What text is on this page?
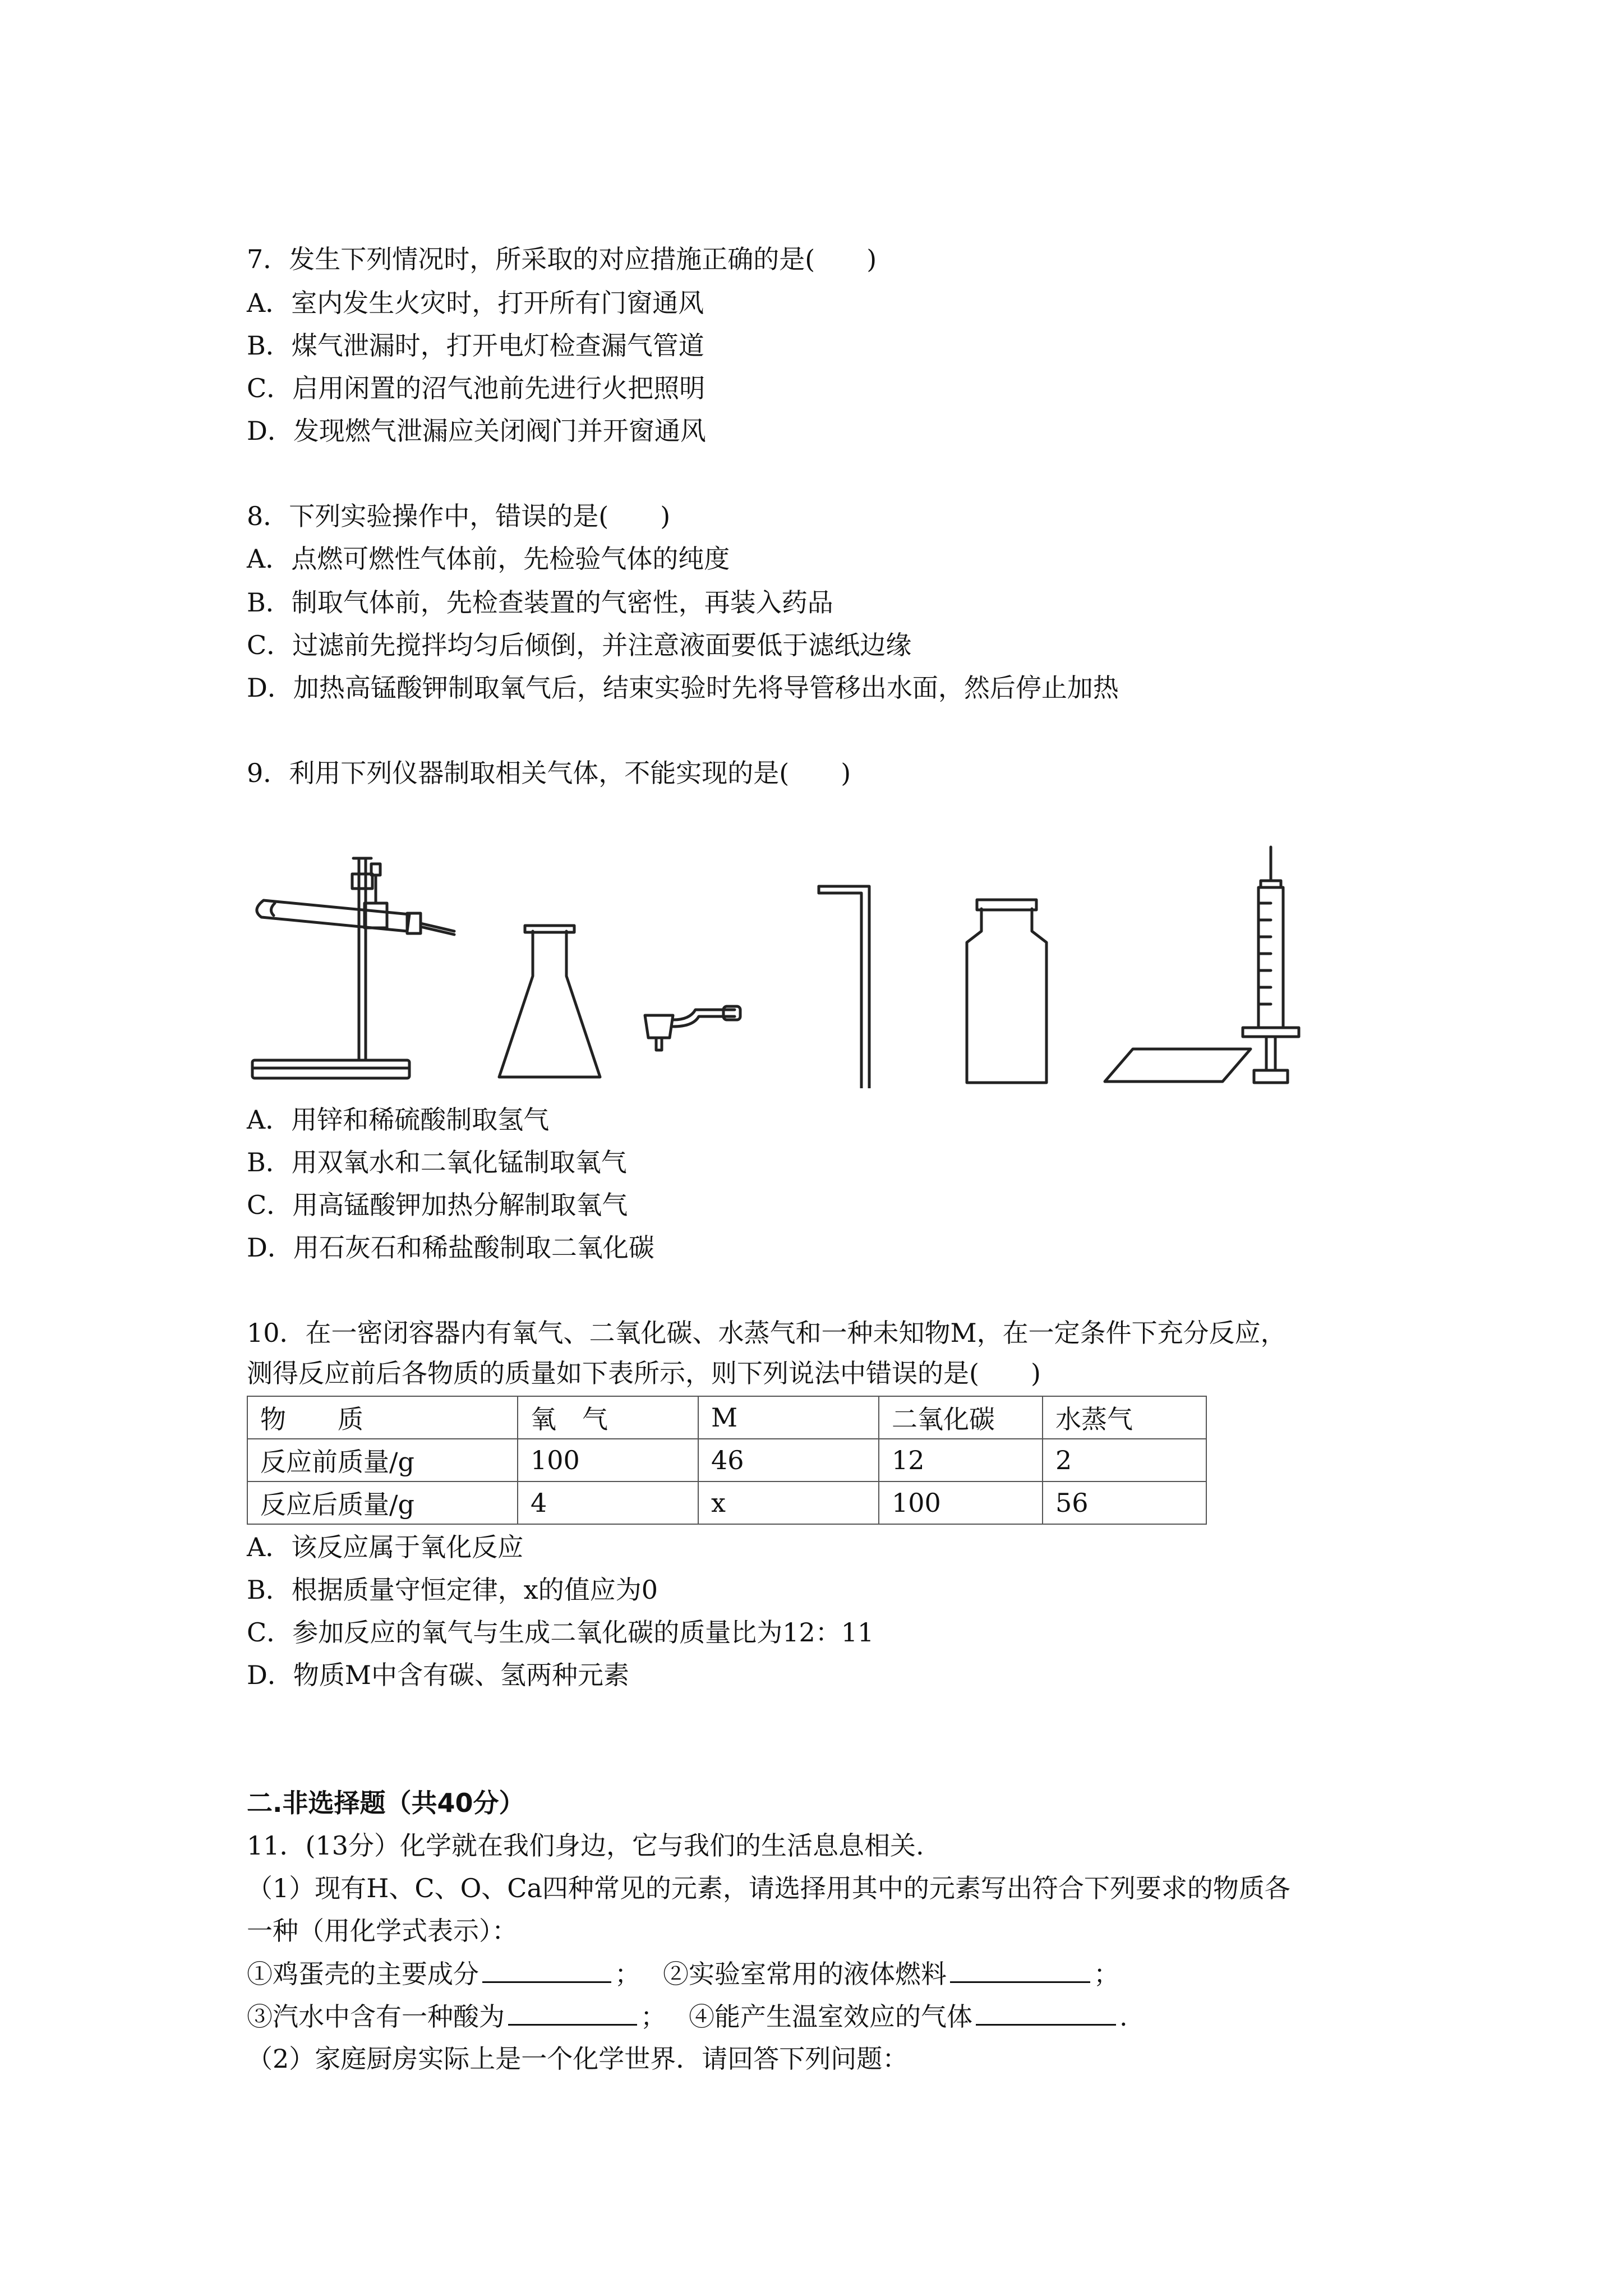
7．发生下列情况时，所采取的对应措施正确的是(　　)
A．室内发生火灾时，打开所有门窗通风
B．煤气泄漏时，打开电灯检查漏气管道
C．启用闲置的沼气池前先进行火把照明
D．发现燃气泄漏应关闭阀门并开窗通风
8．下列实验操作中，错误的是(　　)
A．点燃可燃性气体前，先检验气体的纯度
B．制取气体前，先检查装置的气密性，再装入药品
C．过滤前先搅拌均匀后倾倒，并注意液面要低于滤纸边缘
D．加热高锰酸钾制取氧气后，结束实验时先将导管移出水面，然后停止加热
9．利用下列仪器制取相关气体，不能实现的是(　　)
A．用锌和稀硫酸制取氢气
B．用双氧水和二氧化锰制取氧气
C．用高锰酸钾加热分解制取氧气
D．用石灰石和稀盐酸制取二氧化碳
10．在一密闭容器内有氧气、二氧化碳、水蒸气和一种未知物M，在一定条件下充分反应，
测得反应前后各物质的质量如下表所示，则下列说法中错误的是(　　)
物　　质	氧　气	M	二氧化碳	水蒸气
反应前质量/g	100	46	12	2
反应后质量/g	4	x	100	56
A．该反应属于氧化反应
B．根据质量守恒定律，x的值应为0
C．参加反应的氧气与生成二氧化碳的质量比为12：11
D．物质M中含有碳、氢两种元素
二.非选择题（共40分）
11．(13分）化学就在我们身边，它与我们的生活息息相关.
（1）现有H、C、O、Ca四种常见的元素，请选择用其中的元素写出符合下列要求的物质各
一种（用化学式表示）：
①鸡蛋壳的主要成分	； ②实验室常用的液体燃料	；
③汽水中含有一种酸为	； ④能产生温室效应的气体	.
（2）家庭厨房实际上是一个化学世界．请回答下列问题：
